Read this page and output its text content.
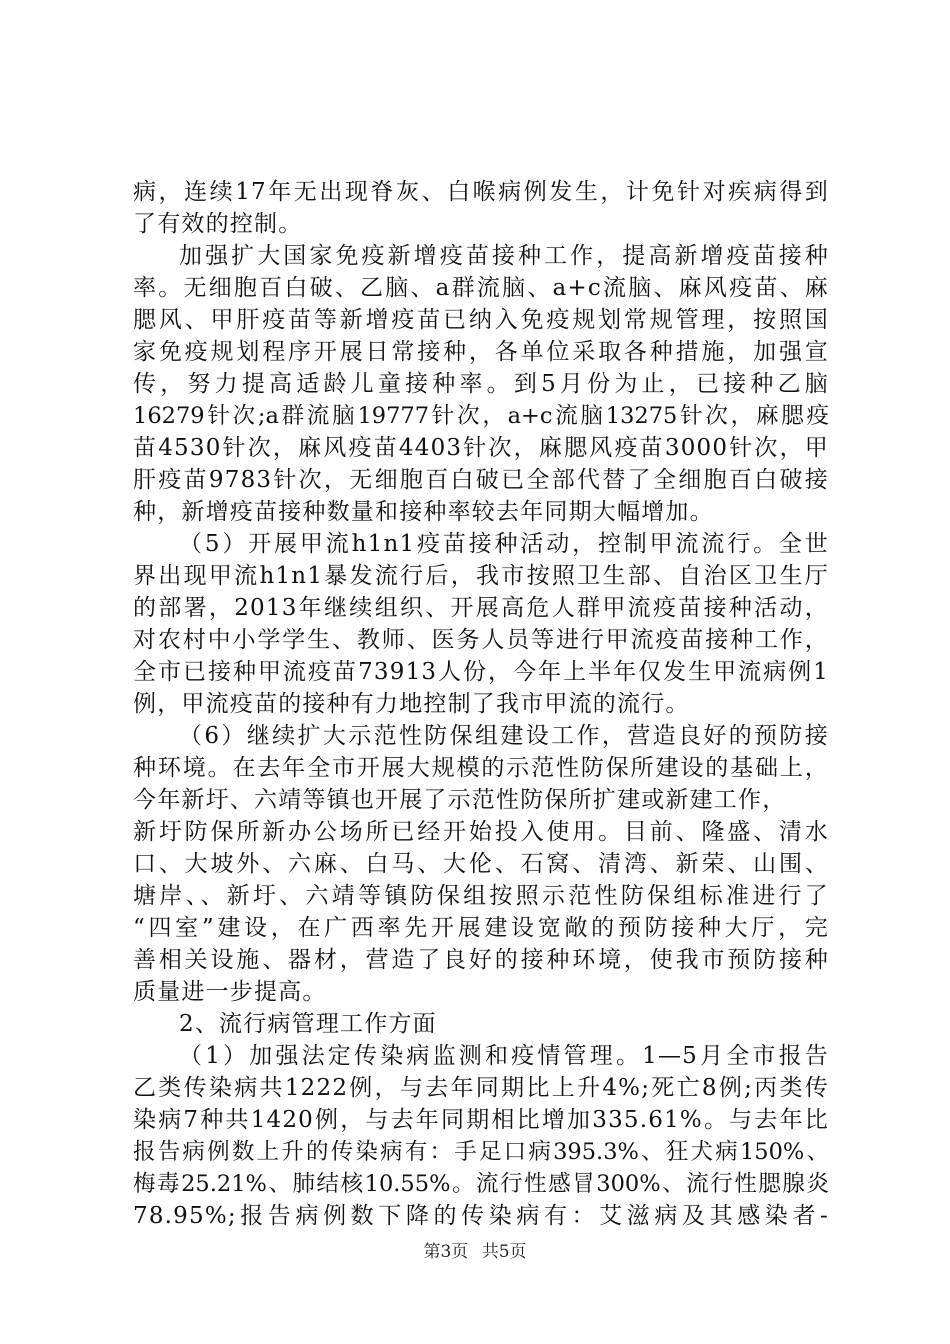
病，连续17年无出现脊灰、白喉病例发生，计免针对疾病得到
了有效的控制。
加强扩大国家免疫新增疫苗接种工作，提高新增疫苗接种
率。无细胞百白破、乙脑、a群流脑、a+c流脑、麻风疫苗、麻
腮风、甲肝疫苗等新增疫苗已纳入免疫规划常规管理，按照国
家免疫规划程序开展日常接种，各单位采取各种措施，加强宣
传，努力提高适龄儿童接种率。到5月份为止，已接种乙脑
16279针次;a群流脑19777针次，a+c流脑13275针次，麻腮疫
苗4530针次，麻风疫苗4403针次，麻腮风疫苗3000针次，甲
肝疫苗9783针次，无细胞百白破已全部代替了全细胞百白破接
种，新增疫苗接种数量和接种率较去年同期大幅增加。
（5）开展甲流h1n1疫苗接种活动，控制甲流流行。全世
界出现甲流h1n1暴发流行后，我市按照卫生部、自治区卫生厅
的部署，2013年继续组织、开展高危人群甲流疫苗接种活动，
对农村中小学学生、教师、医务人员等进行甲流疫苗接种工作，
全市已接种甲流疫苗73913人份，今年上半年仅发生甲流病例1
例，甲流疫苗的接种有力地控制了我市甲流的流行。
（6）继续扩大示范性防保组建设工作，营造良好的预防接
种环境。在去年全市开展大规模的示范性防保所建设的基础上，
今年新圩、六靖等镇也开展了示范性防保所扩建或新建工作，
新圩防保所新办公场所已经开始投入使用。目前、隆盛、清水
口、大坡外、六麻、白马、大伦、石窝、清湾、新荣、山围、
塘岸、、新圩、六靖等镇防保组按照示范性防保组标准进行了
“四室”建设，在广西率先开展建设宽敞的预防接种大厅，完
善相关设施、器材，营造了良好的接种环境，使我市预防接种
质量进一步提高。
2、流行病管理工作方面
（1）加强法定传染病监测和疫情管理。1—5月全市报告
乙类传染病共1222例，与去年同期比上升4%;死亡8例;丙类传
染病7种共1420例，与去年同期相比增加335.61%。与去年比
报告病例数上升的传染病有：手足口病395.3%、狂犬病150%、
梅毒25.21%、肺结核10.55%。流行性感冒300%、流行性腮腺炎
78.95%;报告病例数下降的传染病有：艾滋病及其感染者-
第3页 共5页
